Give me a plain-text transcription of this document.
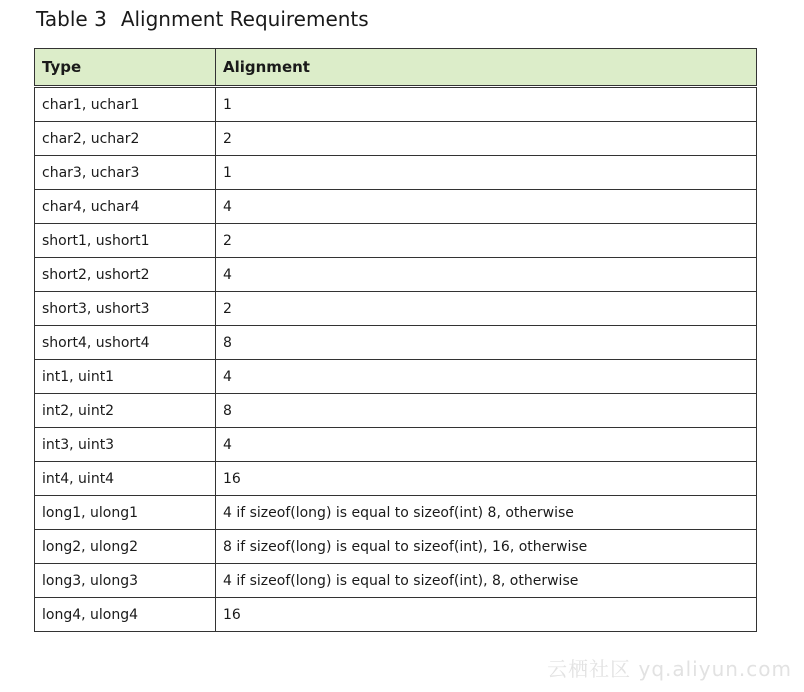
Table 3 Alignment Requirements
Type	Alignment
char1, uchar1	1
char2, uchar2	2
char3, uchar3	1
char4, uchar4	4
short1, ushort1	2
short2, ushort2	4
short3, ushort3	2
short4, ushort4	8
int1, uint1	4
int2, uint2	8
int3, uint3	4
int4, uint4	16
long1, ulong1	4 if sizeof(long) is equal to sizeof(int) 8, otherwise
long2, ulong2	8 if sizeof(long) is equal to sizeof(int), 16, otherwise
long3, ulong3	4 if sizeof(long) is equal to sizeof(int), 8, otherwise
long4, ulong4	16
云栖社区 yq.aliyun.com
